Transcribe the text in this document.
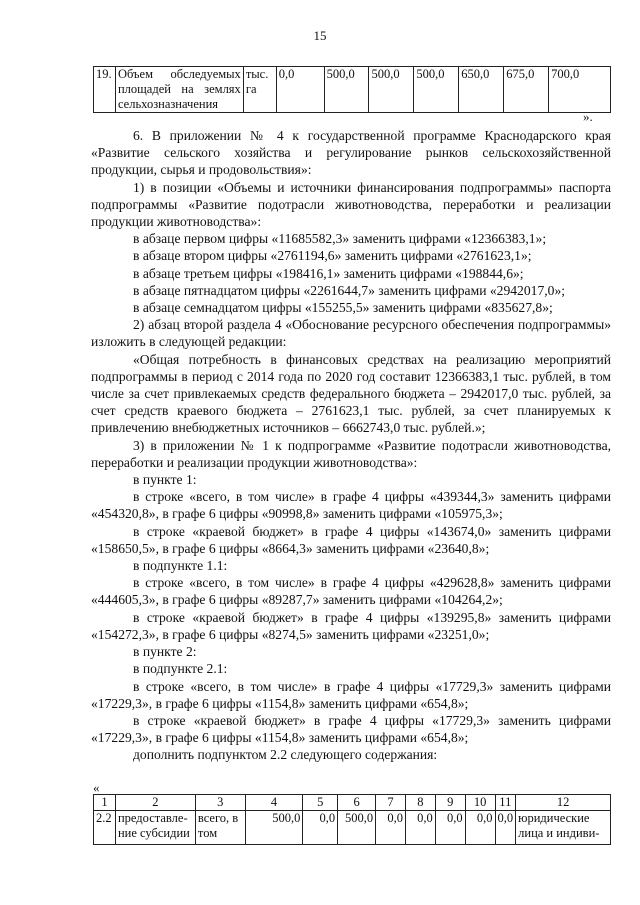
15
19.	Объем обследуемых площадей на землях сельхозназначения	тыс. га	0,0	500,0	500,0	500,0	650,0	675,0	700,0
».

6. В приложении № 4 к государственной программе Краснодарского края «Развитие сельского хозяйства и регулирование рынков сельскохозяйственной продукции, сырья и продовольствия»:

1) в позиции «Объемы и источники финансирования подпрограммы» паспорта подпрограммы «Развитие подотрасли животноводства, переработки и реализации продукции животноводства»:

в абзаце первом цифры «11685582,3» заменить цифрами «12366383,1»;

в абзаце втором цифры «2761194,6» заменить цифрами «2761623,1»;

в абзаце третьем цифры «198416,1» заменить цифрами «198844,6»;

в абзаце пятнадцатом цифры «2261644,7» заменить цифрами «2942017,0»;

в абзаце семнадцатом цифры «155255,5» заменить цифрами «835627,8»;

2) абзац второй раздела 4 «Обоснование ресурсного обеспечения подпрограммы» изложить в следующей редакции:

«Общая потребность в финансовых средствах на реализацию мероприятий подпрограммы в период с 2014 года по 2020 год составит 12366383,1 тыс. рублей, в том числе за счет привлекаемых средств федерального бюджета – 2942017,0 тыс. рублей, за счет средств краевого бюджета – 2761623,1 тыс. рублей, за счет планируемых к привлечению внебюджетных источников – 6662743,0 тыс. рублей.»;

3) в приложении № 1 к подпрограмме «Развитие подотрасли животноводства, переработки и реализации продукции животноводства»:

в пункте 1:

в строке «всего, в том числе» в графе 4 цифры «439344,3» заменить цифрами «454320,8», в графе 6 цифры «90998,8» заменить цифрами «105975,3»;

в строке «краевой бюджет» в графе 4 цифры «143674,0» заменить цифрами «158650,5», в графе 6 цифры «8664,3» заменить цифрами «23640,8»;

в подпункте 1.1:

в строке «всего, в том числе» в графе 4 цифры «429628,8» заменить цифрами «444605,3», в графе 6 цифры «89287,7» заменить цифрами «104264,2»;

в строке «краевой бюджет» в графе 4 цифры «139295,8» заменить цифрами «154272,3», в графе 6 цифры «8274,5» заменить цифрами «23251,0»;

в пункте 2:

в подпункте 2.1:

в строке «всего, в том числе» в графе 4 цифры «17729,3» заменить цифрами «17229,3», в графе 6 цифры «1154,8» заменить цифрами «654,8»;

в строке «краевой бюджет» в графе 4 цифры «17729,3» заменить цифрами «17229,3», в графе 6 цифры «1154,8» заменить цифрами «654,8»;

дополнить подпунктом 2.2 следующего содержания:

«
1	2	3	4	5	6	7	8	9	10	11	12
2.2	предоставле-ние субсидии	всего, в том	500,0	0,0	500,0	0,0	0,0	0,0	0,0	0,0	юридические лица и индиви-
